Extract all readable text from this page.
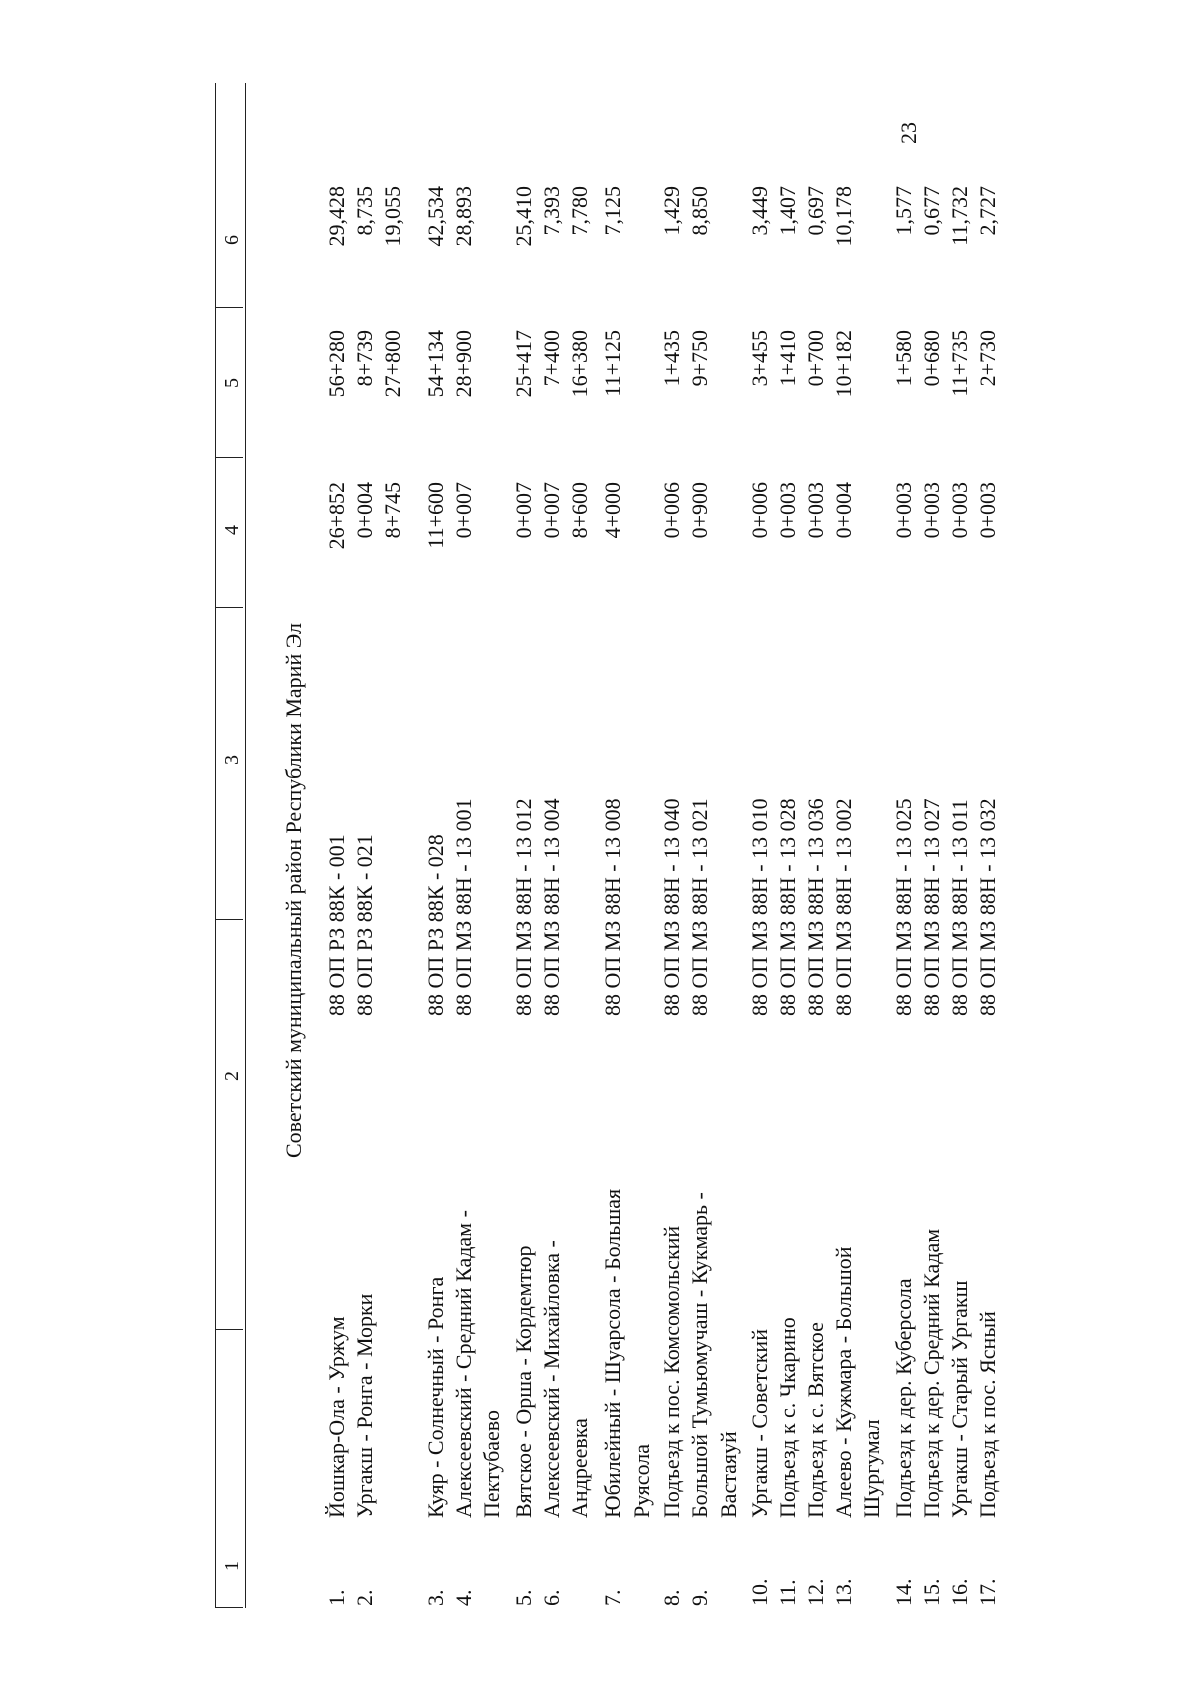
23
1
2
3
4
5
6
Советский муниципальный район Республики Марий Эл
1.
Йошкар-Ола - Уржум
88 ОП РЗ 88К - 001
26+852
56+280
29,428
2.
Ургакш - Ронга - Морки
88 ОП РЗ 88К - 021
0+004
8+739
8,735
8+745
27+800
19,055
3.
Куяр - Солнечный - Ронга
88 ОП РЗ 88К - 028
11+600
54+134
42,534
4.
Алексеевский - Средний Кадам -
88 ОП МЗ 88Н - 13 001
0+007
28+900
28,893
Пектубаево
5.
Вятское - Орша - Кордемтюр
88 ОП МЗ 88Н - 13 012
0+007
25+417
25,410
6.
Алексеевский - Михайловка -
88 ОП МЗ 88Н - 13 004
0+007
7+400
7,393
Андреевка
8+600
16+380
7,780
7.
Юбилейный - Шуарсола - Большая
88 ОП МЗ 88Н - 13 008
4+000
11+125
7,125
Руясола
8.
Подъезд к пос. Комсомольский
88 ОП МЗ 88Н - 13 040
0+006
1+435
1,429
9.
Большой Тумьюмучаш - Кукмарь -
88 ОП МЗ 88Н - 13 021
0+900
9+750
8,850
Вастаяуй
10.
Ургакш - Советский
88 ОП МЗ 88Н - 13 010
0+006
3+455
3,449
11.
Подъезд к с. Чкарино
88 ОП МЗ 88Н - 13 028
0+003
1+410
1,407
12.
Подъезд к с. Вятское
88 ОП МЗ 88Н - 13 036
0+003
0+700
0,697
13.
Алеево - Кужмара - Большой
88 ОП МЗ 88Н - 13 002
0+004
10+182
10,178
Шургумал
14.
Подъезд к дер. Куберсола
88 ОП МЗ 88Н - 13 025
0+003
1+580
1,577
15.
Подъезд к дер. Средний Кадам
88 ОП МЗ 88Н - 13 027
0+003
0+680
0,677
16.
Ургакш - Старый Ургакш
88 ОП МЗ 88Н - 13 011
0+003
11+735
11,732
17.
Подъезд к пос. Ясный
88 ОП МЗ 88Н - 13 032
0+003
2+730
2,727
